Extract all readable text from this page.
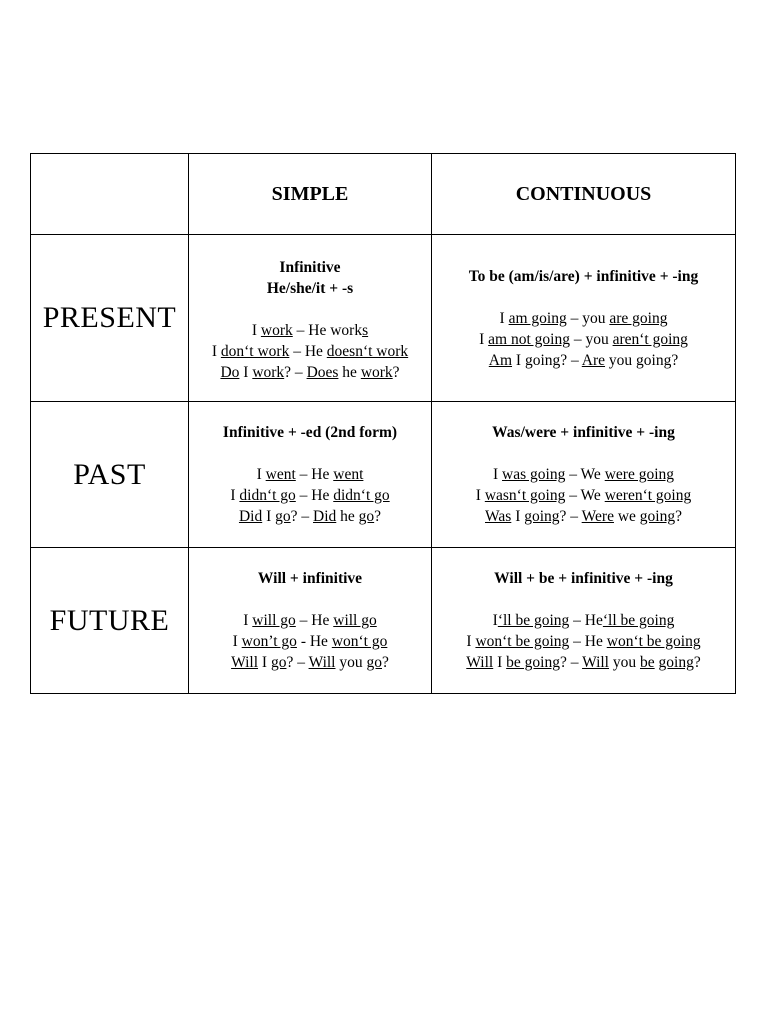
	SIMPLE	CONTINUOUS
PRESENT	Infinitive
He/she/it + -s
I work – He works
I don‘t work – He doesn‘t work
Do I work? – Does he work?	To be (am/is/are) + infinitive + -ing
I am going – you are going
I am not going – you aren‘t going
Am I going? – Are you going?

PAST	Infinitive + -ed (2nd form)
I went – He went
I didn‘t go – He didn‘t go
Did I go? – Did he go?	Was/were + infinitive + -ing
I was going – We were going
I wasn‘t going – We weren‘t going
Was I going? – Were we going?

FUTURE	Will + infinitive
I will go – He will go
I won’t go - He won‘t go
Will I go? – Will you go?	Will + be + infinitive + -ing
I‘ll be going – He‘ll be going
I won‘t be going – He won‘t be going
Will I be going? – Will you be going?
